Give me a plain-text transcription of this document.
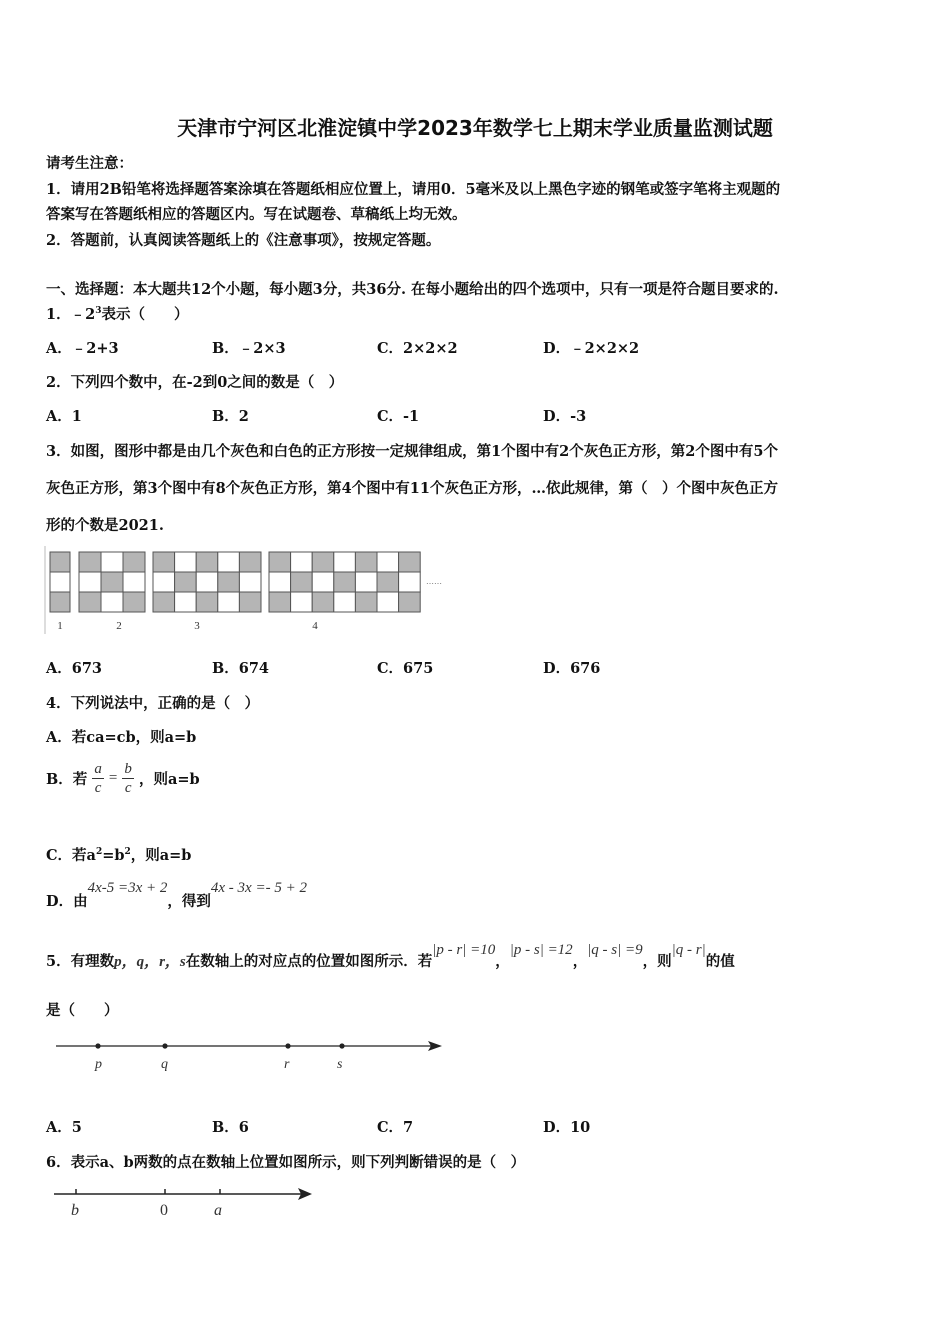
天津市宁河区北淮淀镇中学2023年数学七上期末学业质量监测试题
请考生注意：
1．请用2B铅笔将选择题答案涂填在答题纸相应位置上，请用0．5毫米及以上黑色字迹的钢笔或签字笔将主观题的
答案写在答题纸相应的答题区内。写在试题卷、草稿纸上均无效。
2．答题前，认真阅读答题纸上的《注意事项》，按规定答题。
一、选择题：本大题共12个小题，每小题3分，共36分. 在每小题给出的四个选项中，只有一项是符合题目要求的.
1．$﹣2^3$表示（　　）
A．﹣2+3	B．﹣2×3	C．2×2×2	D．﹣2×2×2
2．下列四个数中，在-2到0之间的数是（　）
A．1	B．2	C．-1	D．-3
3．如图，图形中都是由几个灰色和白色的正方形按一定规律组成，第1个图中有2个灰色正方形，第2个图中有5个
灰色正方形，第3个图中有8个灰色正方形，第4个图中有11个灰色正方形，…依此规律，第（　）个图中灰色正方
形的个数是2021.
1	2	3	4
……
A．673	B．674	C．675	D．676
4．下列说法中，正确的是（　）
A．若ca=cb，则a=b
B．若 $\frac{a}{c} = \frac{b}{c}$ ，则a=b
C．若$a^2=b^2$，则a=b
D．由4x-5 =3x + 2，得到4x - 3x =- 5 + 2
5．有理数p，q，r，s在数轴上的对应点的位置如图所示．若|p - r| =10，|p - s| =12，|q - s| =9，则|q - r|的值
是（　　）
p	q	r	s
A．5	B．6	C．7	D．10
6．表示a、b两数的点在数轴上位置如图所示，则下列判断错误的是（　）
b	0	a
